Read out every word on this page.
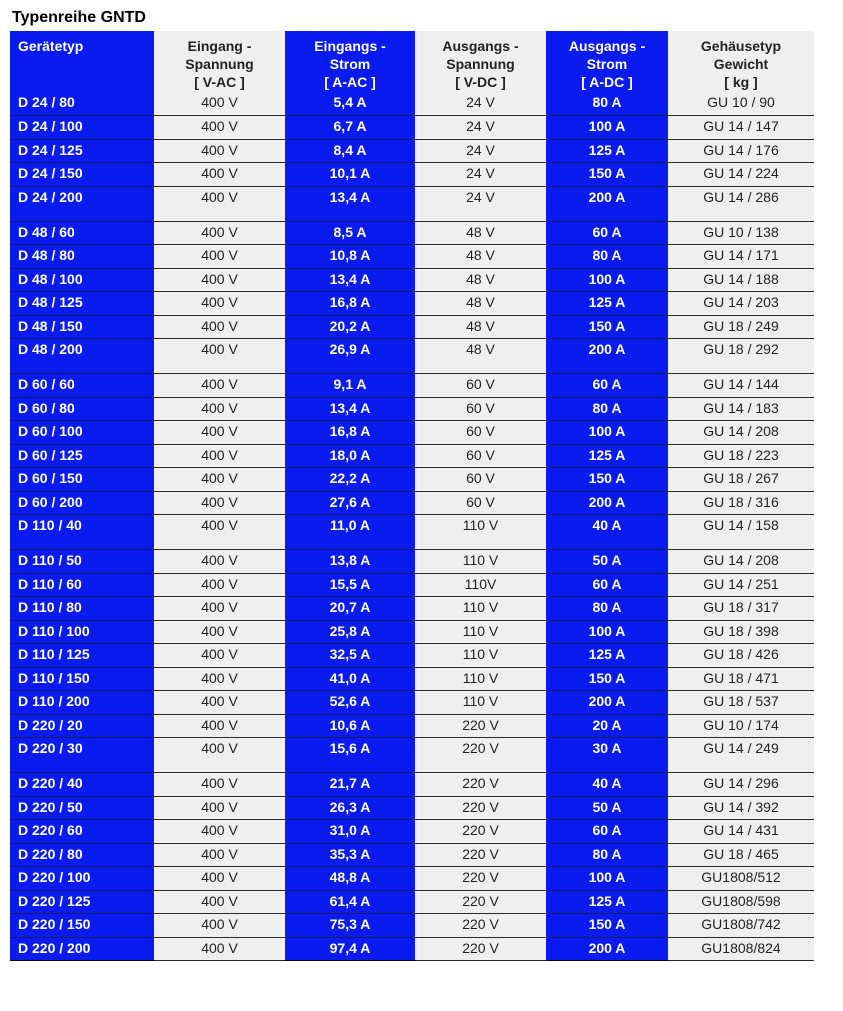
Typenreihe GNTD
Gerätetyp	Eingang -
Spannung
[ V-AC ]	Eingangs -
Strom
[ A-AC ]	Ausgangs -
Spannung
[ V-DC ]	Ausgangs -
Strom
[ A-DC ]	Gehäusetyp
Gewicht
[ kg ]
D 24 / 80	400 V	5,4 A	24 V	80 A	GU 10 / 90
D 24 / 100	400 V	6,7 A	24 V	100 A	GU 14 / 147
D 24 / 125	400 V	8,4 A	24 V	125 A	GU 14 / 176
D 24 / 150	400 V	10,1 A	24 V	150 A	GU 14 / 224
D 24 / 200	400 V	13,4 A	24 V	200 A	GU 14 / 286
D 48 / 60	400 V	8,5 A	48 V	60 A	GU 10 / 138
D 48 / 80	400 V	10,8 A	48 V	80 A	GU 14 / 171
D 48 / 100	400 V	13,4 A	48 V	100 A	GU 14 / 188
D 48 / 125	400 V	16,8 A	48 V	125 A	GU 14 / 203
D 48 / 150	400 V	20,2 A	48 V	150 A	GU 18 / 249
D 48 / 200	400 V	26,9 A	48 V	200 A	GU 18 / 292
D 60 / 60	400 V	9,1 A	60 V	60 A	GU 14 / 144
D 60 / 80	400 V	13,4 A	60 V	80 A	GU 14 / 183
D 60 / 100	400 V	16,8 A	60 V	100 A	GU 14 / 208
D 60 / 125	400 V	18,0 A	60 V	125 A	GU 18 / 223
D 60 / 150	400 V	22,2 A	60 V	150 A	GU 18 / 267
D 60 / 200	400 V	27,6 A	60 V	200 A	GU 18 / 316
D 110 / 40	400 V	11,0 A	110 V	40 A	GU 14 / 158
D 110 / 50	400 V	13,8 A	110 V	50 A	GU 14 / 208
D 110 / 60	400 V	15,5 A	110V	60 A	GU 14 / 251
D 110 / 80	400 V	20,7 A	110 V	80 A	GU 18 / 317
D 110 / 100	400 V	25,8 A	110 V	100 A	GU 18 / 398
D 110 / 125	400 V	32,5 A	110 V	125 A	GU 18 / 426
D 110 / 150	400 V	41,0 A	110 V	150 A	GU 18 / 471
D 110 / 200	400 V	52,6 A	110 V	200 A	GU 18 / 537
D 220 / 20	400 V	10,6 A	220 V	20 A	GU 10 / 174
D 220 / 30	400 V	15,6 A	220 V	30 A	GU 14 / 249
D 220 / 40	400 V	21,7 A	220 V	40 A	GU 14 / 296
D 220 / 50	400 V	26,3 A	220 V	50 A	GU 14 / 392
D 220 / 60	400 V	31,0 A	220 V	60 A	GU 14 / 431
D 220 / 80	400 V	35,3 A	220 V	80 A	GU 18 / 465
D 220 / 100	400 V	48,8 A	220 V	100 A	GU1808/512
D 220 / 125	400 V	61,4 A	220 V	125 A	GU1808/598
D 220 / 150	400 V	75,3 A	220 V	150 A	GU1808/742
D 220 / 200	400 V	97,4 A	220 V	200 A	GU1808/824
